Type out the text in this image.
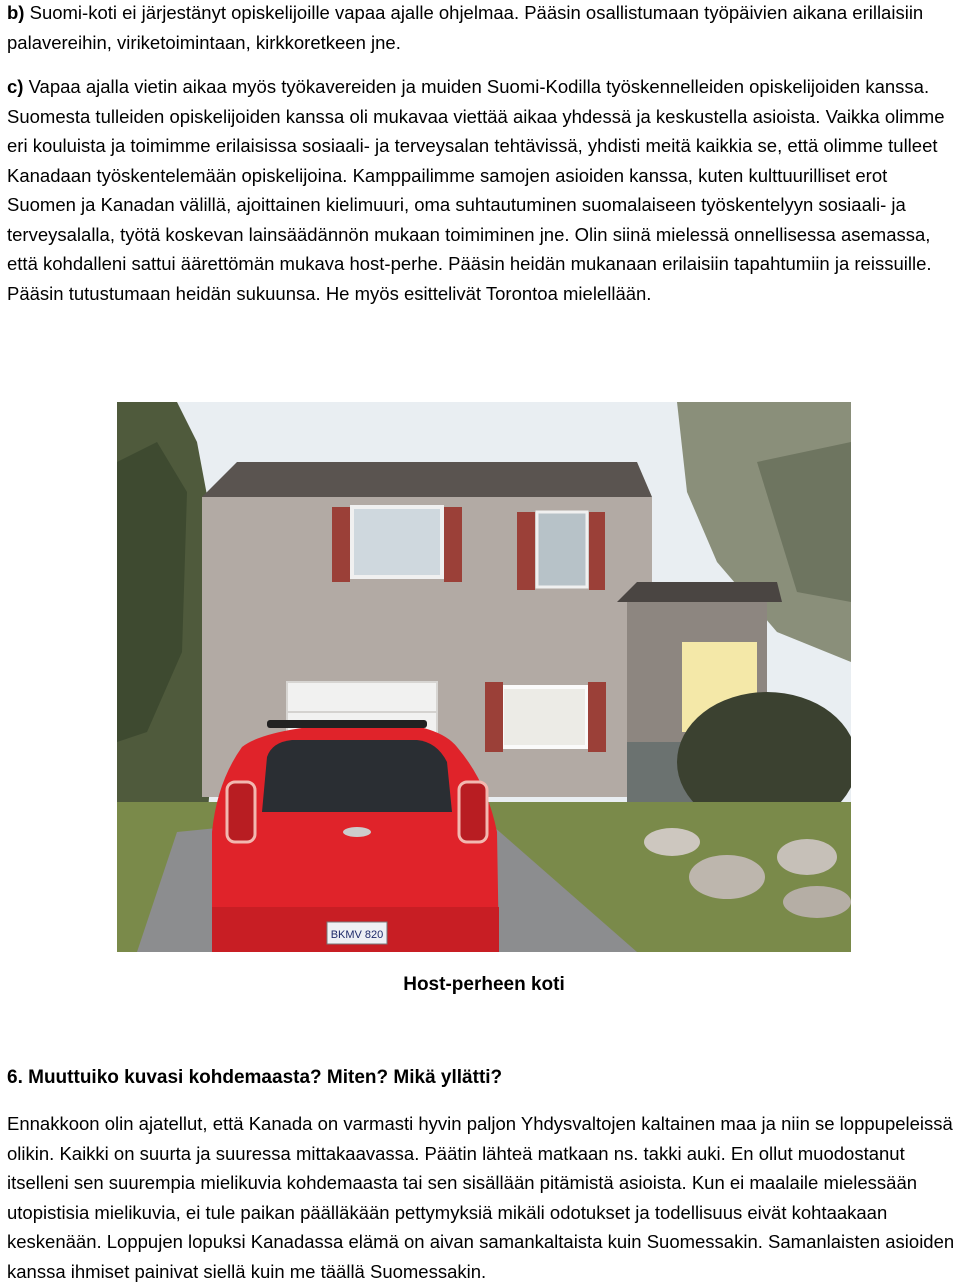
b) Suomi-koti ei järjestänyt opiskelijoille vapaa ajalle ohjelmaa. Pääsin osallistumaan työpäivien aikana erillaisiin palavereihin, viriketoimintaan, kirkkoretkeen jne.

c) Vapaa ajalla vietin aikaa myös työkavereiden ja muiden Suomi-Kodilla työskennelleiden opiskelijoiden kanssa. Suomesta tulleiden opiskelijoiden kanssa oli mukavaa viettää aikaa yhdessä ja keskustella asioista. Vaikka olimme eri kouluista ja toimimme erilaisissa sosiaali- ja terveysalan tehtävissä, yhdisti meitä kaikkia se, että olimme tulleet Kanadaan työskentelemään opiskelijoina. Kamppailimme samojen asioiden kanssa, kuten kulttuurilliset erot Suomen ja Kanadan välillä, ajoittainen kielimuuri, oma suhtautuminen suomalaiseen työskentelyyn sosiaali- ja terveysalalla, työtä koskevan lainsäädännön mukaan toimiminen jne. Olin siinä mielessä onnellisessa asemassa, että kohdalleni sattui äärettömän mukava host-perhe. Pääsin heidän mukanaan erilaisiin tapahtumiin ja reissuille. Pääsin tutustumaan heidän sukuunsa. He myös esittelivät Torontoa mielellään.

BKMV 820
Host-perheen koti
6. Muuttuiko kuvasi kohdemaasta? Miten? Mikä yllätti?

Ennakkoon olin ajatellut, että Kanada on varmasti hyvin paljon Yhdysvaltojen kaltainen maa ja niin se loppupeleissä olikin. Kaikki on suurta ja suuressa mittakaavassa. Päätin lähteä matkaan ns. takki auki. En ollut muodostanut itselleni sen suurempia mielikuvia kohdemaasta tai sen sisällään pitämistä asioista. Kun ei maalaile mielessään utopistisia mielikuvia, ei tule paikan päälläkään pettymyksiä mikäli odotukset ja todellisuus eivät kohtaakaan keskenään. Loppujen lopuksi Kanadassa elämä on aivan samankaltaista kuin Suomessakin. Samanlaisten asioiden kanssa ihmiset painivat siellä kuin me täällä Suomessakin.
